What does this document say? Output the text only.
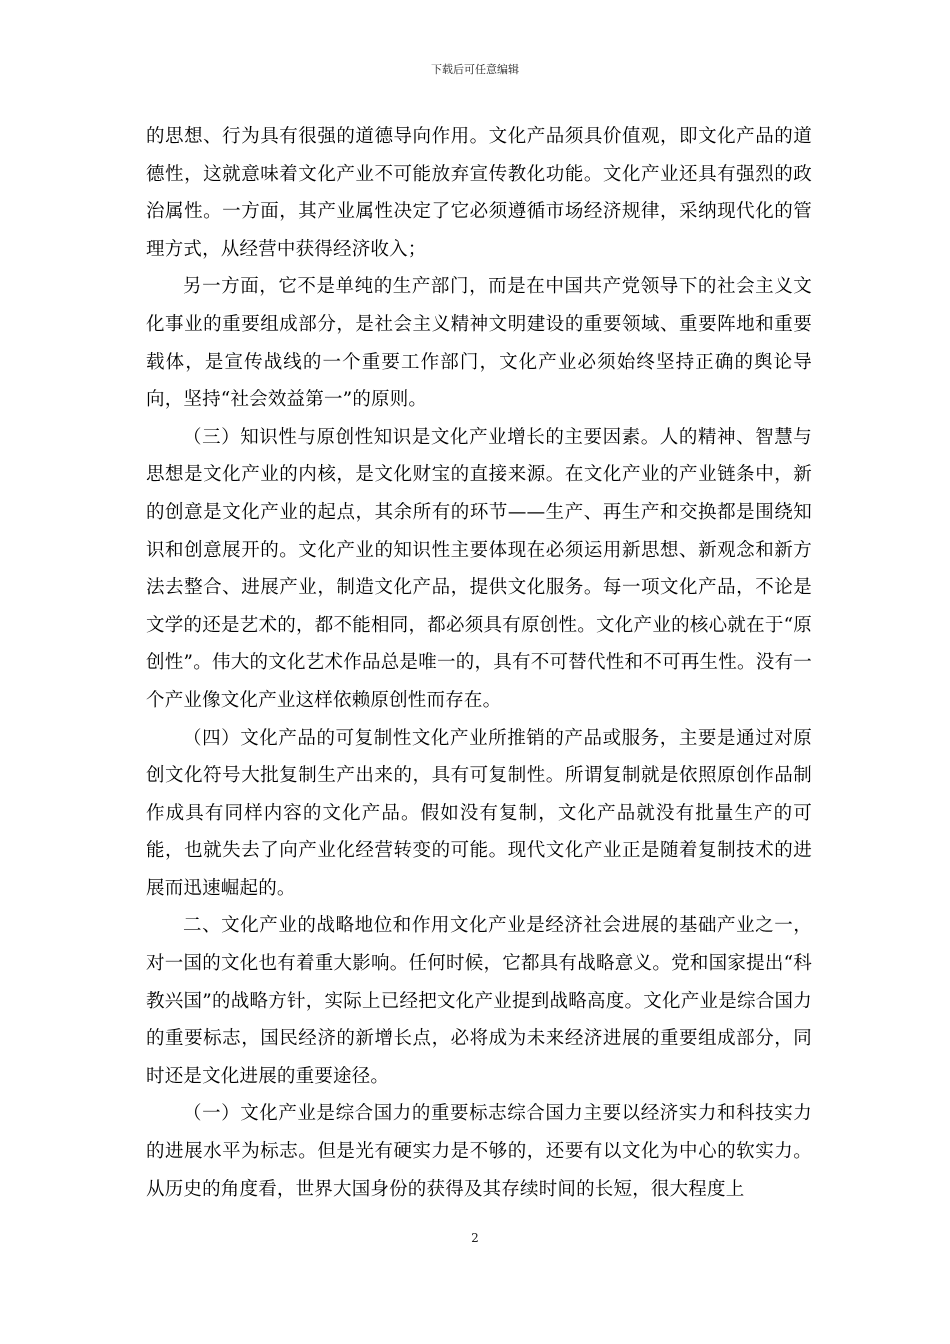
下载后可任意编辑

的思想、行为具有很强的道德导向作用。文化产品须具价值观，即文化产品的道德性，这就意味着文化产业不可能放弃宣传教化功能。文化产业还具有强烈的政治属性。一方面，其产业属性决定了它必须遵循市场经济规律，采纳现代化的管理方式，从经营中获得经济收入；

另一方面，它不是单纯的生产部门，而是在中国共产党领导下的社会主义文化事业的重要组成部分，是社会主义精神文明建设的重要领域、重要阵地和重要载体，是宣传战线的一个重要工作部门，文化产业必须始终坚持正确的舆论导向，坚持“社会效益第一”的原则。

（三）知识性与原创性知识是文化产业增长的主要因素。人的精神、智慧与思想是文化产业的内核，是文化财宝的直接来源。在文化产业的产业链条中，新的创意是文化产业的起点，其余所有的环节——生产、再生产和交换都是围绕知识和创意展开的。文化产业的知识性主要体现在必须运用新思想、新观念和新方法去整合、进展产业，制造文化产品，提供文化服务。每一项文化产品，不论是文学的还是艺术的，都不能相同，都必须具有原创性。文化产业的核心就在于“原创性”。伟大的文化艺术作品总是唯一的，具有不可替代性和不可再生性。没有一个产业像文化产业这样依赖原创性而存在。

（四）文化产品的可复制性文化产业所推销的产品或服务，主要是通过对原创文化符号大批复制生产出来的，具有可复制性。所谓复制就是依照原创作品制作成具有同样内容的文化产品。假如没有复制，文化产品就没有批量生产的可能，也就失去了向产业化经营转变的可能。现代文化产业正是随着复制技术的进展而迅速崛起的。

二、文化产业的战略地位和作用文化产业是经济社会进展的基础产业之一，对一国的文化也有着重大影响。任何时候，它都具有战略意义。党和国家提出“科教兴国”的战略方针，实际上已经把文化产业提到战略高度。文化产业是综合国力的重要标志，国民经济的新增长点，必将成为未来经济进展的重要组成部分，同时还是文化进展的重要途径。

（一）文化产业是综合国力的重要标志综合国力主要以经济实力和科技实力的进展水平为标志。但是光有硬实力是不够的，还要有以文化为中心的软实力。从历史的角度看，世界大国身份的获得及其存续时间的长短，很大程度上

2
